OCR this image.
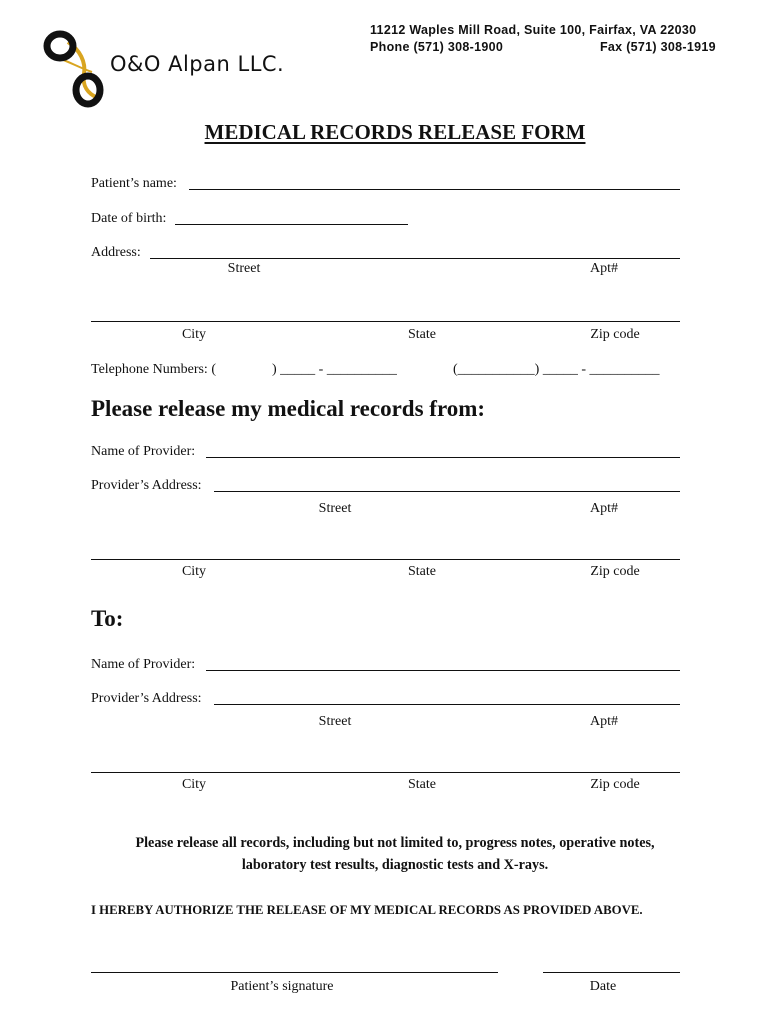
O&O Alpan LLC.
11212 Waples Mill Road, Suite 100, Fairfax, VA 22030
Phone (571) 308-1900	Fax (571) 308-1919
MEDICAL RECORDS RELEASE FORM
Patient’s name:
Date of birth:
Address:
Street	Apt#
City	State	Zip code
Telephone Numbers: (	) _____ - __________	(___________) _____ - __________
Please release my medical records from:
Name of Provider:
Provider’s Address:
Street	Apt#
City	State	Zip code
To:
Name of Provider:
Provider’s Address:
Street	Apt#
City	State	Zip code
Please release all records, including but not limited to, progress notes, operative notes,
laboratory test results, diagnostic tests and X-rays.
I HEREBY AUTHORIZE THE RELEASE OF MY MEDICAL RECORDS AS PROVIDED ABOVE.
Patient’s signature	Date
